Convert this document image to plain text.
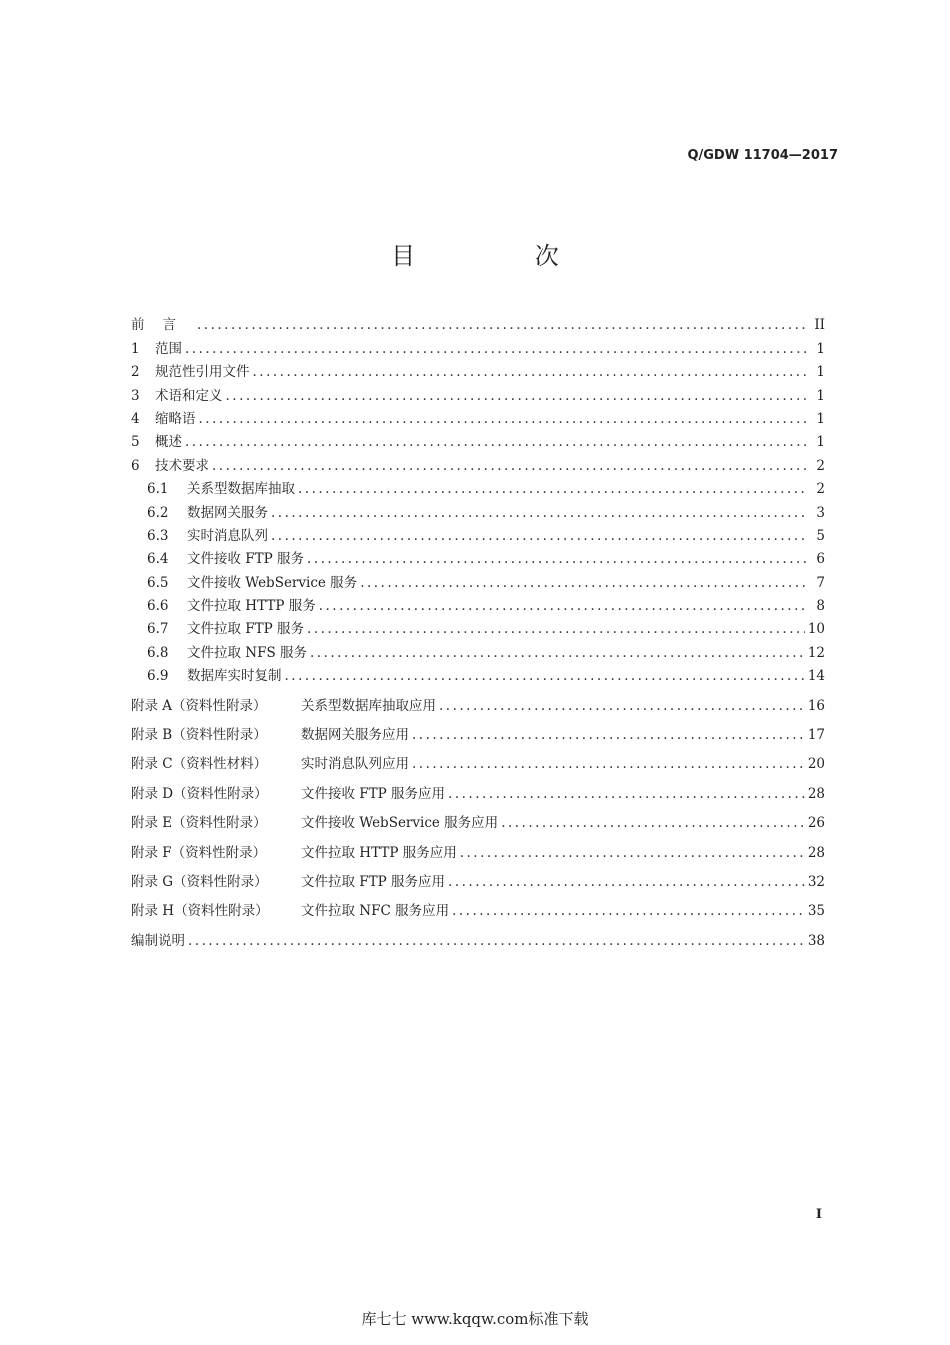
Q/GDW 11704—2017
目 次
前言 .....	II
1	范围 .....	1
2	规范性引用文件 .....	1
3	术语和定义 .....	1
4	缩略语 .....	1
5	概述 .....	1
6	技术要求 .....	2
6.1	关系型数据库抽取 .....	2
6.2	数据网关服务 .....	3
6.3	实时消息队列 .....	5
6.4	文件接收 FTP 服务 .....	6
6.5	文件接收 WebService 服务 .....	7
6.6	文件拉取 HTTP 服务 .....	8
6.7	文件拉取 FTP 服务 .....	10
6.8	文件拉取 NFS 服务 .....	12
6.9	数据库实时复制 .....	14
附录 A（资料性附录）	关系型数据库抽取应用 .....	16
附录 B（资料性附录）	数据网关服务应用 .....	17
附录 C（资料性材料）	实时消息队列应用 .....	20
附录 D（资料性附录）	文件接收 FTP 服务应用 .....	28
附录 E（资料性附录）	文件接收 WebService 服务应用 .....	26
附录 F（资料性附录）	文件拉取 HTTP 服务应用 .....	28
附录 G（资料性附录）	文件拉取 FTP 服务应用 .....	32
附录 H（资料性附录）	文件拉取 NFC 服务应用 .....	35
编制说明 .....	38
I
库七七 www.kqqw.com标准下载
